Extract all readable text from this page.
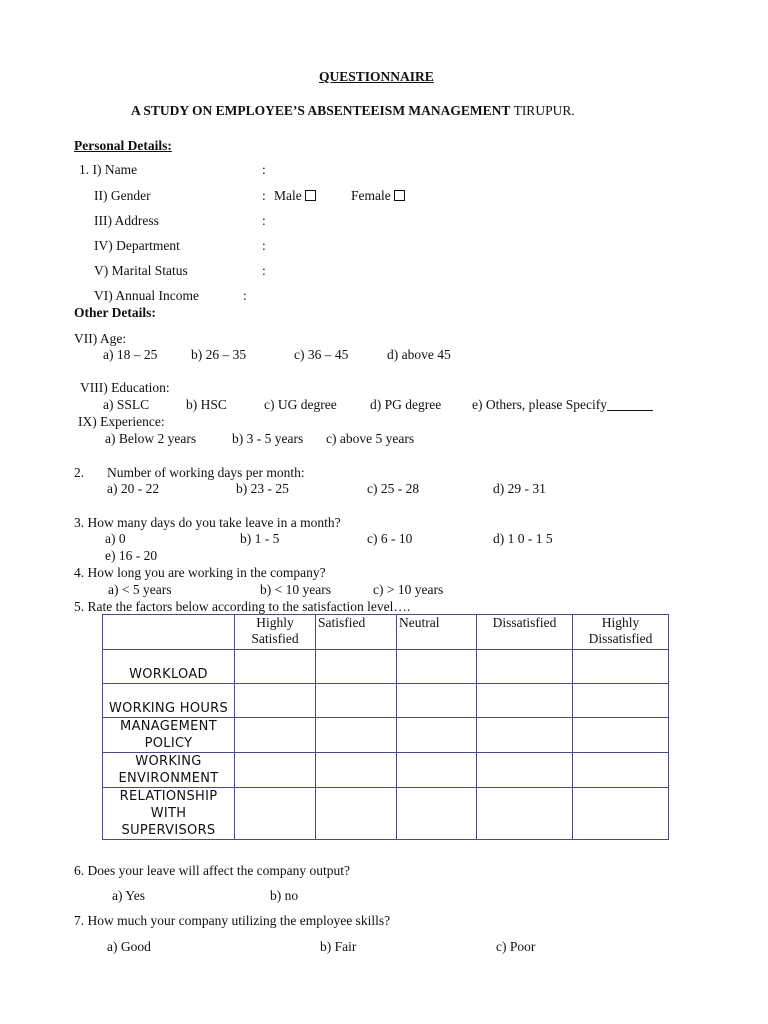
QUESTIONNAIRE
A STUDY ON EMPLOYEE’S ABSENTEEISM MANAGEMENT TIRUPUR.
Personal Details:
1. I) Name	:
II) Gender	: Male	Female
III) Address	:
IV) Department	:
V) Marital Status	:
VI) Annual Income	:
Other Details:
VII) Age:
a) 18 – 25 b) 26 – 35	c) 36 – 45	d) above 45
VIII) Education:
a) SSLC	b) HSC	c) UG degree d) PG degree e) Others, please Specify
IX) Experience:
a) Below 2 years	b) 3 - 5 years c) above 5 years
2. Number of working days per month:
a) 20 - 22	b) 23 - 25	c) 25 - 28	d) 29 - 31
3. How many days do you take leave in a month?
a) 0	b) 1 - 5	c) 6 - 10	d) 1 0 - 1 5
e) 16 - 20
4. How long you are working in the company?
a) < 5 years	b) < 10 years	c) > 10 years
5. Rate the factors below according to the satisfaction level….
	Highly Satisfied	Satisfied	Neutral	Dissatisfied	Highly Dissatisfied
WORKLOAD					
WORKING HOURS					
MANAGEMENT POLICY					
WORKING ENVIRONMENT					
RELATIONSHIP WITH SUPERVISORS					
6. Does your leave will affect the company output?
a) Yes	b) no
7. How much your company utilizing the employee skills?
a) Good	b) Fair	c) Poor
